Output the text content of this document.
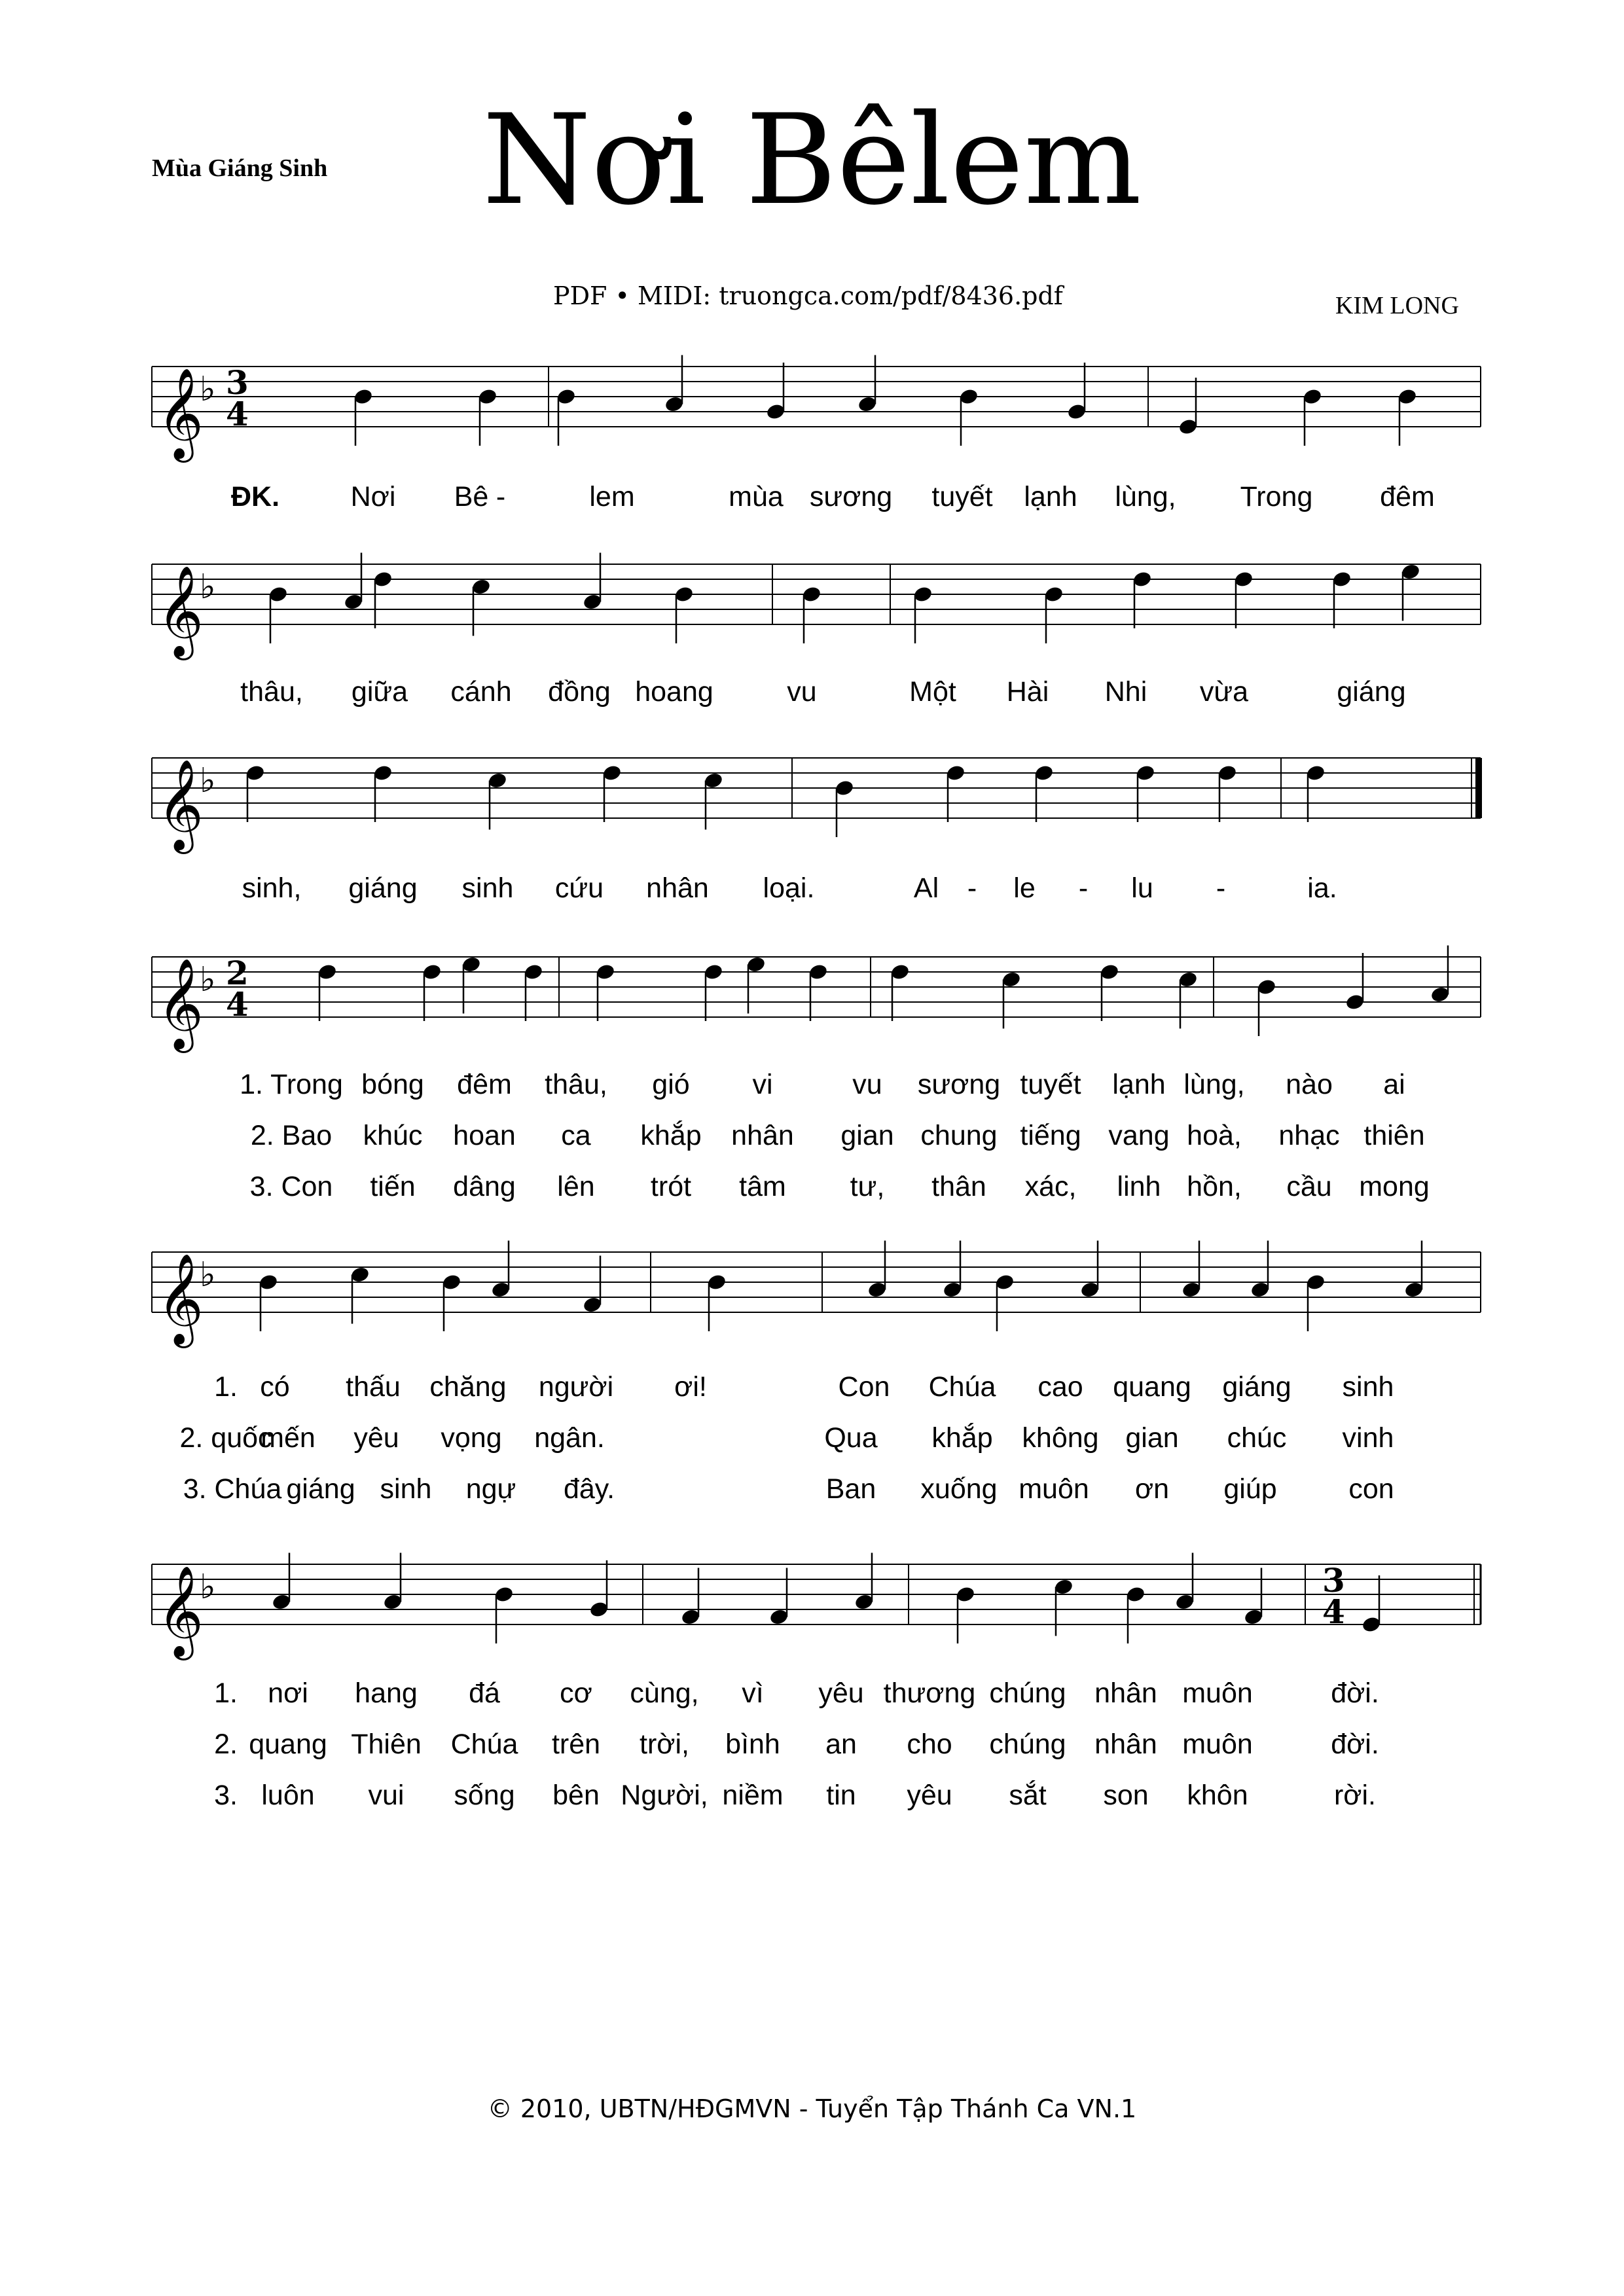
Mùa Giáng Sinh	Nơi Bêlem
PDF • MIDI: truongca.com/pdf/8436.pdf	KIM LONG
𝄞
♭
𝄞
♭
𝄞
♭
𝄞
♭
𝄞
♭
𝄞
♭
3
4
2
4
3
4
ĐK.	Nơi Bê -	lem	mùa sương tuyết lạnh lùng, Trong đêm
thâu, giữa cánh đồng hoang	vu	Một Hài Nhi vừa	giáng
sinh, giáng sinh cứu nhân loại.	Al - le - lu -	ia.
1. Trong bóng đêm thâu, gió vi	vu sương tuyết lạnh lùng, nào ai
2. Bao khúc hoan ca khắp nhân gian chung tiếng vang hoà, nhạc thiên
3. Con tiến dâng lên trót tâm tư, thân xác, linh hồn, cầu mong
1. có thấu chăng người ơi!	Con Chúa cao quang giáng sinh
2. quốc
mến yêu vọng ngân.	Qua khắp không gian chúc vinh
3. Chúa giáng sinh ngự đây.	Ban xuống muôn ơn giúp	con
1. nơi hang đá cơ cùng, vì yêu thương chúng nhân muôn	đời.
2. quang Thiên Chúa trên trời, bình an cho chúng nhân muôn	đời.
3. luôn vui sống bên Người, niềm tin yêu sắt son khôn	rời.
© 2010, UBTN/HĐGMVN - Tuyển Tập Thánh Ca VN.1
